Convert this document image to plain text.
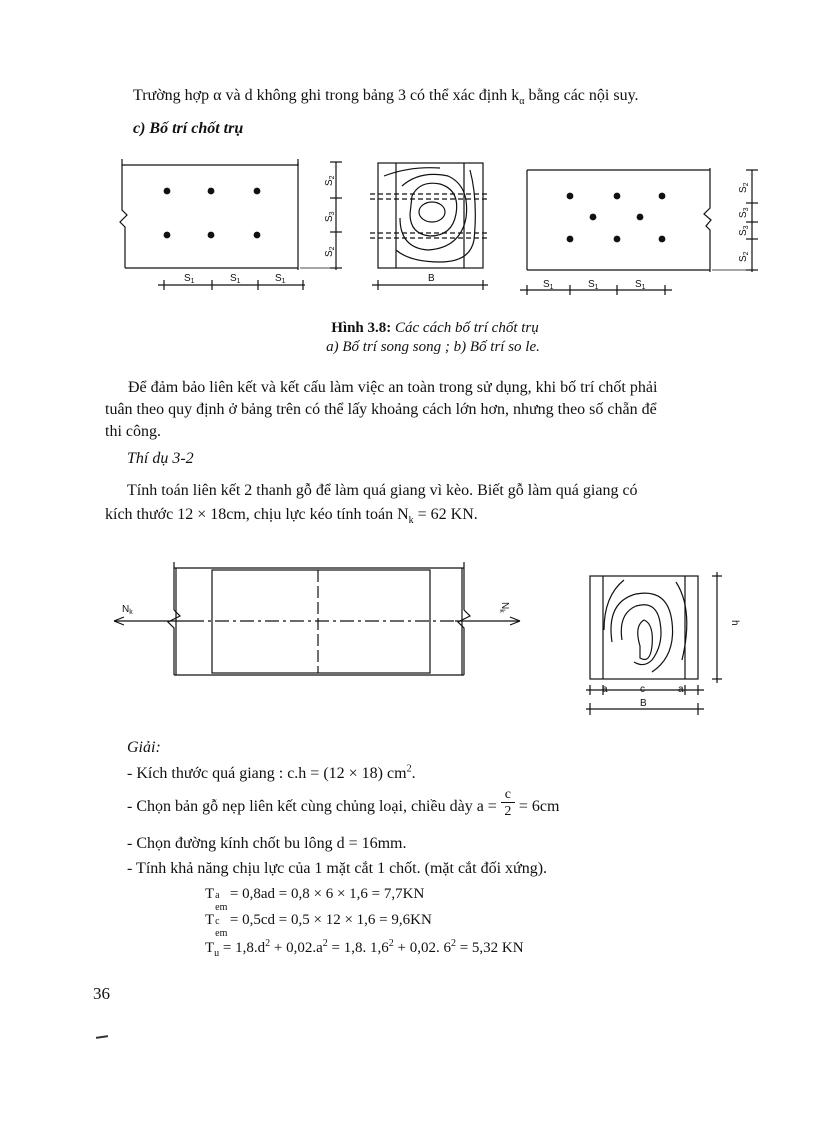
Trường hợp α và d không ghi trong bảng 3 có thể xác định $k_\alpha$ bằng các nội suy.
c) Bố trí chốt trụ
$S_1$	$S_1$	$S_1$	B
$S_1$	$S_1$	$S_1$
$S_2$
$S_3$
$S_2$
$S_2$
$S_3$
$S_3$
$S_2$
Hình 3.8: Các cách bố trí chốt trụ
a) Bố trí song song ; b) Bố trí so le.
Để đảm bảo liên kết và kết cấu làm việc an toàn trong sử dụng, khi bố trí chốt phải
tuân theo quy định ở bảng trên có thể lấy khoảng cách lớn hơn, nhưng theo số chẵn để
thi công.
Thí dụ 3-2
Tính toán liên kết 2 thanh gỗ để làm quá giang vì kèo. Biết gỗ làm quá giang có
kích thước 12 × 18cm, chịu lực kéo tính toán $N_k = 62$ KN.
$N_k$
$N_k$
h
a	c	a
B
Giải:
- Kích thước quá giang : c.h = (12 × 18) $cm^2$.
- Chọn bản gỗ nẹp liên kết cùng chủng loại, chiều dày $a = \frac{c}{2} = 6cm$
- Chọn đường kính chốt bu lông d = 16mm.
- Tính khả năng chịu lực của 1 mặt cắt 1 chốt. (mặt cắt đối xứng).
T a
em
= 0,8ad = 0,8 × 6 × 1,6 = 7,7KN
T c
em
= 0,5cd = 0,5 × 12 × 1,6 = 9,6KN
$T_u = 1,8.d^2 + 0,02.a^2 = 1,8$. $1,6^2 + 0,02$. $6^2 = 5,32$ KN
36
